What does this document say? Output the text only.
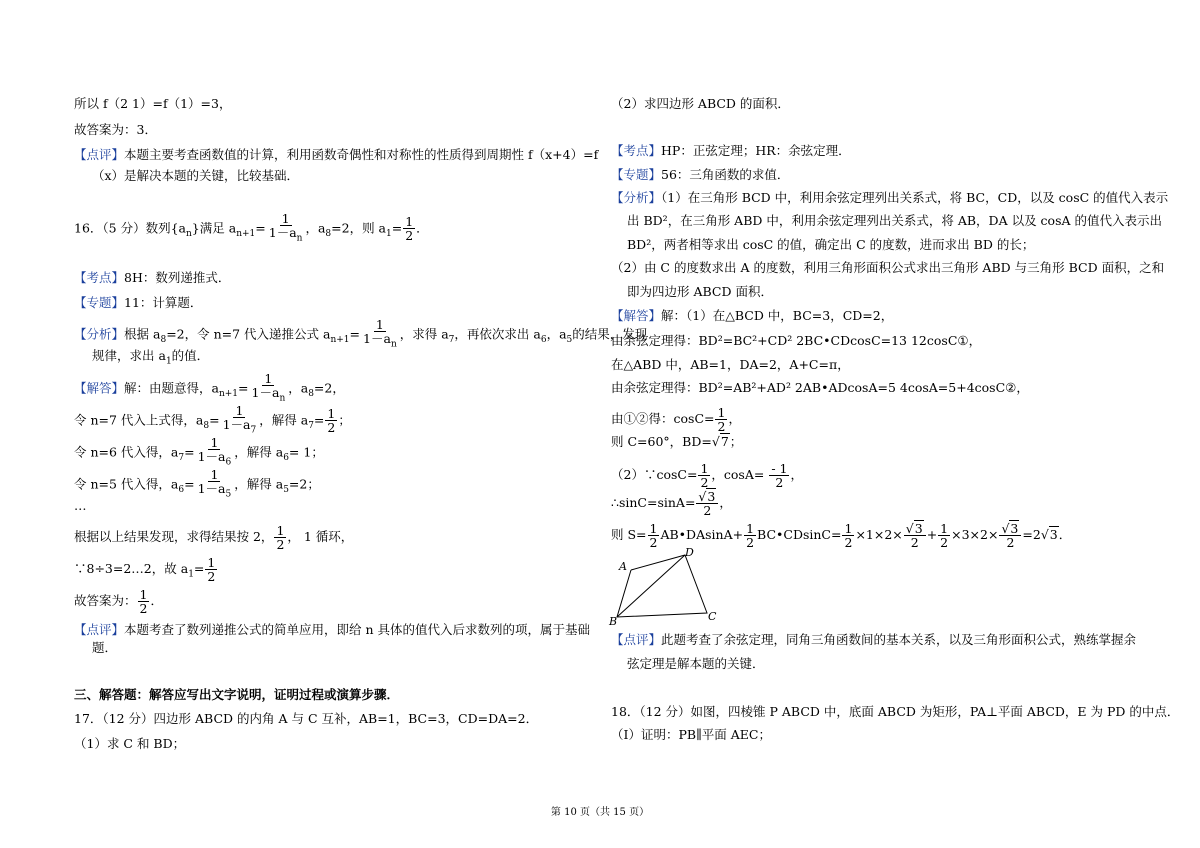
所以 f（2 1）=f（1）=3，
故答案为：3．
【点评】本题主要考查函数值的计算，利用函数奇偶性和对称性的性质得到周期性 f（x+4）=f
（x）是解决本题的关键，比较基础．
16．（5 分）数列$\{a_n\}$满足 $a_{n+1}= \frac{1}{1-a_n}$ ，$a_8=2$，则 $a_1= \frac{1}{2}$ ．
【考点】8H：数列递推式．
【专题】11：计算题．
【分析】根据 $a_8=2$，令 n=7 代入递推公式 $a_{n+1}= \frac{1}{1-a_n}$ ，求得 $a_7$，再依次求出 $a_6$，$a_5$的结果，发现
规律，求出 $a_1$的值．
【解答】解：由题意得，$a_{n+1}= \frac{1}{1-a_n}$ ，$a_8=2$，
令 n=7 代入上式得，$a_8= \frac{1}{1-a_7}$ ，解得 $a_7= \frac{1}{2}$ ；
令 n=6 代入得，$a_7= \frac{1}{1-a_6}$ ，解得 $a_6= 1$；
令 n=5 代入得，$a_6= \frac{1}{1-a_5}$ ，解得 $a_5=2$；
…
根据以上结果发现，求得结果按 2， $\frac{1}{2}$ ， 1 循环，
∵8÷3=2…2，故 $a_1= \frac{1}{2}$
故答案为： $\frac{1}{2}$ ．
【点评】本题考查了数列递推公式的简单应用，即给 n 具体的值代入后求数列的项，属于基础
题．
三、解答题：解答应写出文字说明，证明过程或演算步骤．
17．（12 分）四边形 ABCD 的内角 A 与 C 互补，AB=1，BC=3，CD=DA=2．
（1）求 C 和 BD；
（2）求四边形 ABCD 的面积．
【考点】HP：正弦定理；HR：余弦定理．
【专题】56：三角函数的求值．
【分析】（1）在三角形 BCD 中，利用余弦定理列出关系式，将 BC，CD，以及 cosC 的值代入表示
出 BD²，在三角形 ABD 中，利用余弦定理列出关系式，将 AB，DA 以及 cosA 的值代入表示出
BD²，两者相等求出 cosC 的值，确定出 C 的度数，进而求出 BD 的长；
（2）由 C 的度数求出 A 的度数，利用三角形面积公式求出三角形 ABD 与三角形 BCD 面积，之和
即为四边形 ABCD 面积．
【解答】解：（1）在△BCD 中，BC=3，CD=2，
由余弦定理得：BD²=BC²+CD² 2BC•CDcosC=13 12cosC①，
在△ABD 中，AB=1，DA=2，A+C=π，
由余弦定理得：BD²=AB²+AD² 2AB•ADcosA=5 4cosA=5+4cosC②，
由①②得：$\cos C= \frac{1}{2}$ ，
则 C=60°，BD=√7；
（2）∵cosC= $\frac{1}{2}$ ，$\cos A= \frac{- 1}{2}$ ，
∴sinC=sinA= $\frac{√3}{2}$ ，
则 $S= \frac{1}{2}$ AB•DAsinA+ $\frac{1}{2}$ BC•CDsinC= $\frac{1}{2} \times 1\times 2\times \frac{√3}{2} + \frac{1}{2} \times 3\times 2\times \frac{√3}{2} =2√3$．
A
D
C
B
【点评】此题考查了余弦定理，同角三角函数间的基本关系，以及三角形面积公式，熟练掌握余
弦定理是解本题的关键．
18．（12 分）如图，四棱锥 P ABCD 中，底面 ABCD 为矩形，PA⊥平面 ABCD，E 为 PD 的中点．
（Ⅰ）证明：PB∥平面 AEC；
第 10 页（共 15 页）
